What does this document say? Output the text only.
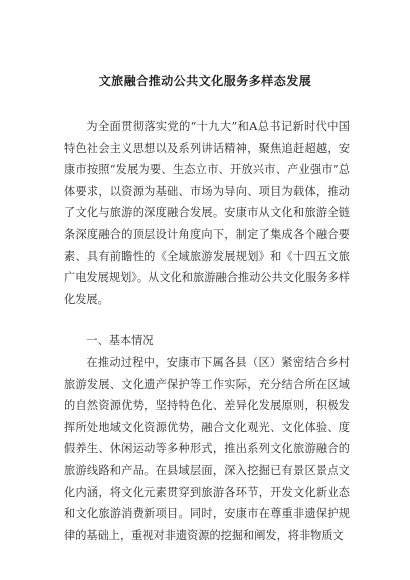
文旅融合推动公共文化服务多样态发展

为全面贯彻落实党的“十九大”和A总书记新时代中国特色社会主义思想以及系列讲话精神，聚焦追赶超越，安康市按照“发展为要、生态立市、开放兴市、产业强市”总体要求，以资源为基础、市场为导向、项目为载体，推动了文化与旅游的深度融合发展。安康市从文化和旅游全链条深度融合的顶层设计角度向下，制定了集成各个融合要素、具有前瞻性的《全域旅游发展规划》和《十四五文旅广电发展规划》。从文化和旅游融合推动公共文化服务多样化发展。

一、基本情况

在推动过程中，安康市下属各县（区）紧密结合乡村旅游发展、文化遗产保护等工作实际，充分结合所在区域的自然资源优势，坚持特色化、差异化发展原则，积极发挥所处地域文化资源优势，融合文化观光、文化体验、度假养生、休闲运动等多种形式，推出系列文化旅游融合的旅游线路和产品。在县域层面，深入挖掘已有景区景点文化内涵，将文化元素贯穿到旅游各环节，开发文化新业态和文化旅游消费新项目。同时，安康市在尊重非遗保护规律的基础上，重视对非遗资源的挖掘和阐发，将非物质文
